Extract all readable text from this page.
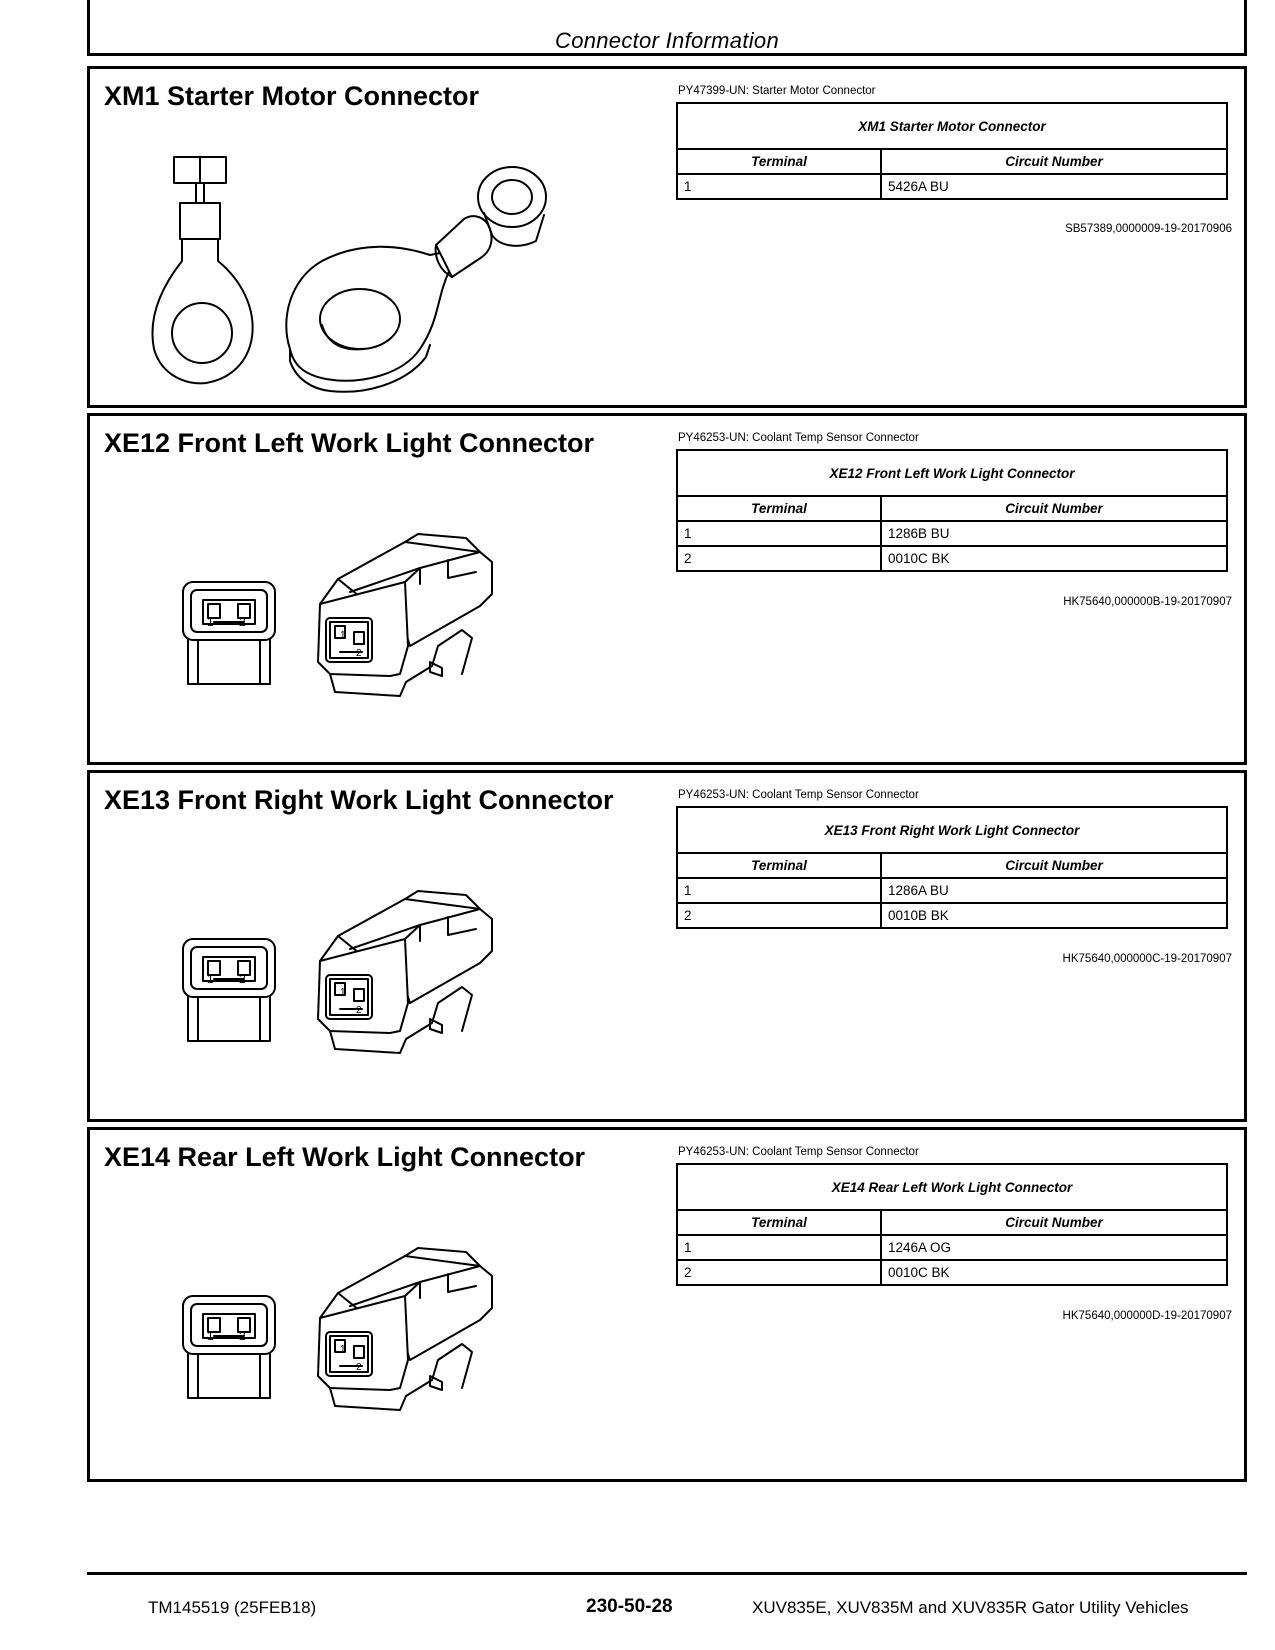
Connector Information
XM1 Starter Motor Connector	PY47399-UN: Starter Motor Connector
XM1 Starter Motor Connector	
Terminal	Circuit Number
1	5426A BU
SB57389,0000009-19-20170906
XE12 Front Left Work Light Connector	PY46253-UN: Coolant Temp Sensor Connector
XE12 Front Left Work Light Connector	
Terminal	Circuit Number
1	1286B BU
2	0010C BK
HK75640,000000B-19-20170907
1 2
1
2
XE13 Front Right Work Light Connector	PY46253-UN: Coolant Temp Sensor Connector
XE13 Front Right Work Light Connector	
Terminal	Circuit Number
1	1286A BU
2	0010B BK
HK75640,000000C-19-20170907
1 2
1
2
XE14 Rear Left Work Light Connector	PY46253-UN: Coolant Temp Sensor Connector
XE14 Rear Left Work Light Connector	
Terminal	Circuit Number
1	1246A OG
2	0010C BK
HK75640,000000D-19-20170907
1 2
1
2
TM145519 (25FEB18)	230-50-28	XUV835E, XUV835M and XUV835R Gator Utility Vehicles
